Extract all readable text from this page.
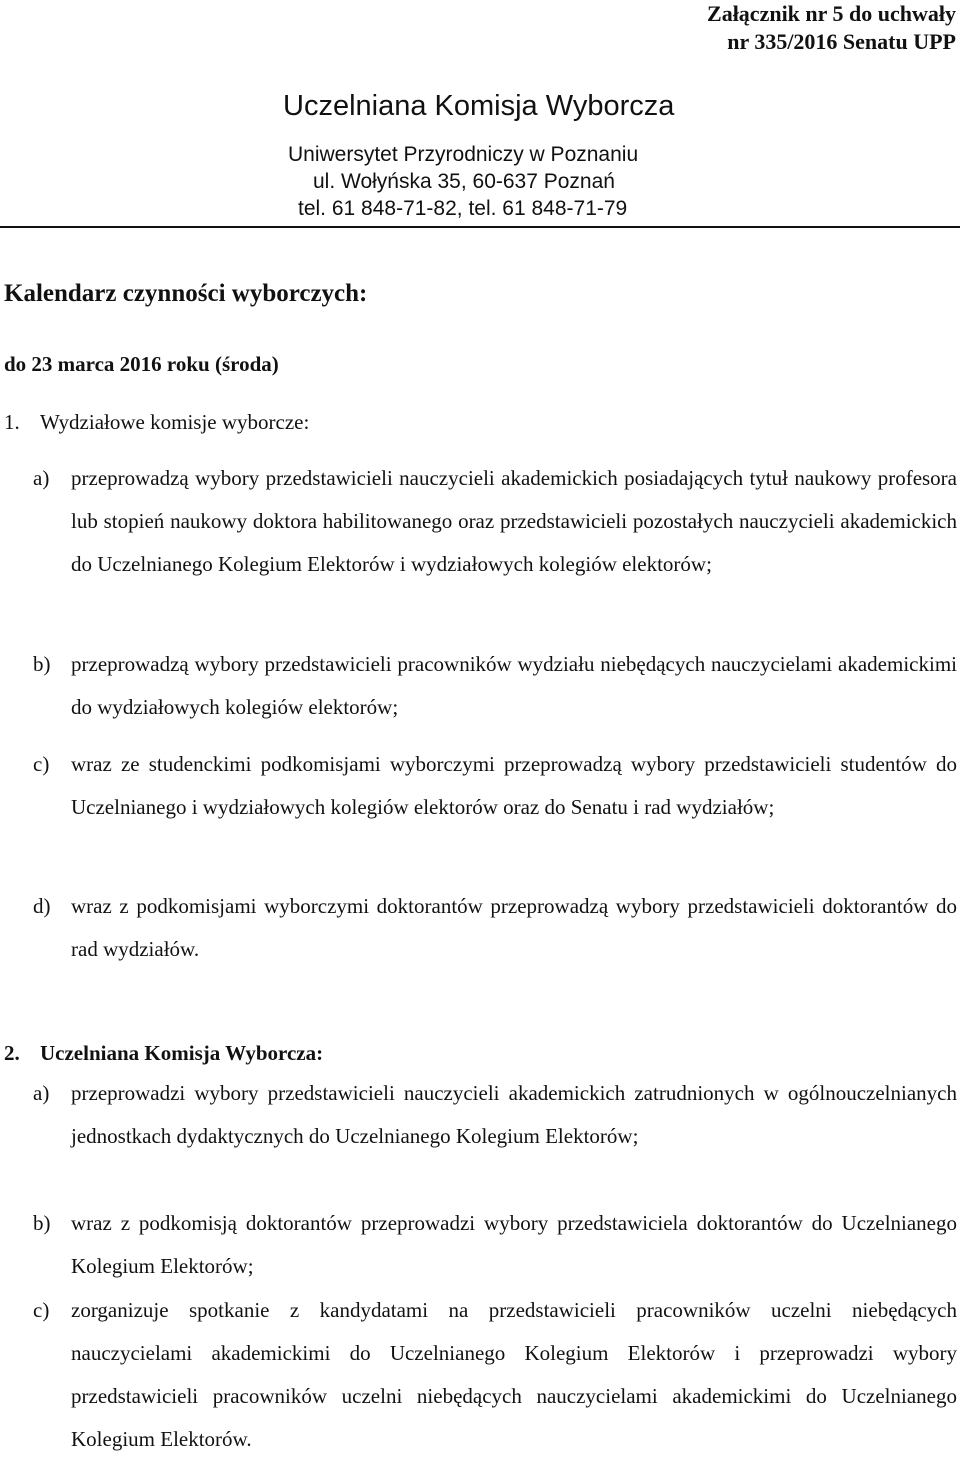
Załącznik nr 5 do uchwały
nr 335/2016 Senatu UPP
Uczelniana Komisja Wyborcza
Uniwersytet Przyrodniczy w Poznaniu
ul. Wołyńska 35, 60-637 Poznań
tel. 61 848-71-82, tel. 61 848-71-79
Kalendarz czynności wyborczych:
do 23 marca 2016 roku (środa)
1. Wydziałowe komisje wyborcze:
a) przeprowadzą wybory przedstawicieli nauczycieli akademickich posiadających tytuł naukowy profesora lub stopień naukowy doktora habilitowanego oraz przedstawicieli pozostałych nauczycieli akademickich do Uczelnianego Kolegium Elektorów i wydziałowych kolegiów elektorów;
b) przeprowadzą wybory przedstawicieli pracowników wydziału niebędących nauczycielami akademickimi do wydziałowych kolegiów elektorów;
c) wraz ze studenckimi podkomisjami wyborczymi przeprowadzą wybory przedstawicieli studentów do Uczelnianego i wydziałowych kolegiów elektorów oraz do Senatu i rad wydziałów;
d) wraz z podkomisjami wyborczymi doktorantów przeprowadzą wybory przedstawicieli doktorantów do rad wydziałów.
2. Uczelniana Komisja Wyborcza:
a) przeprowadzi wybory przedstawicieli nauczycieli akademickich zatrudnionych w ogólnouczelnianych jednostkach dydaktycznych do Uczelnianego Kolegium Elektorów;
b) wraz z podkomisją doktorantów przeprowadzi wybory przedstawiciela doktorantów do Uczelnianego Kolegium Elektorów;
c) zorganizuje spotkanie z kandydatami na przedstawicieli pracowników uczelni niebędących nauczycielami akademickimi do Uczelnianego Kolegium Elektorów i przeprowadzi wybory przedstawicieli pracowników uczelni niebędących nauczycielami akademickimi do Uczelnianego Kolegium Elektorów.
